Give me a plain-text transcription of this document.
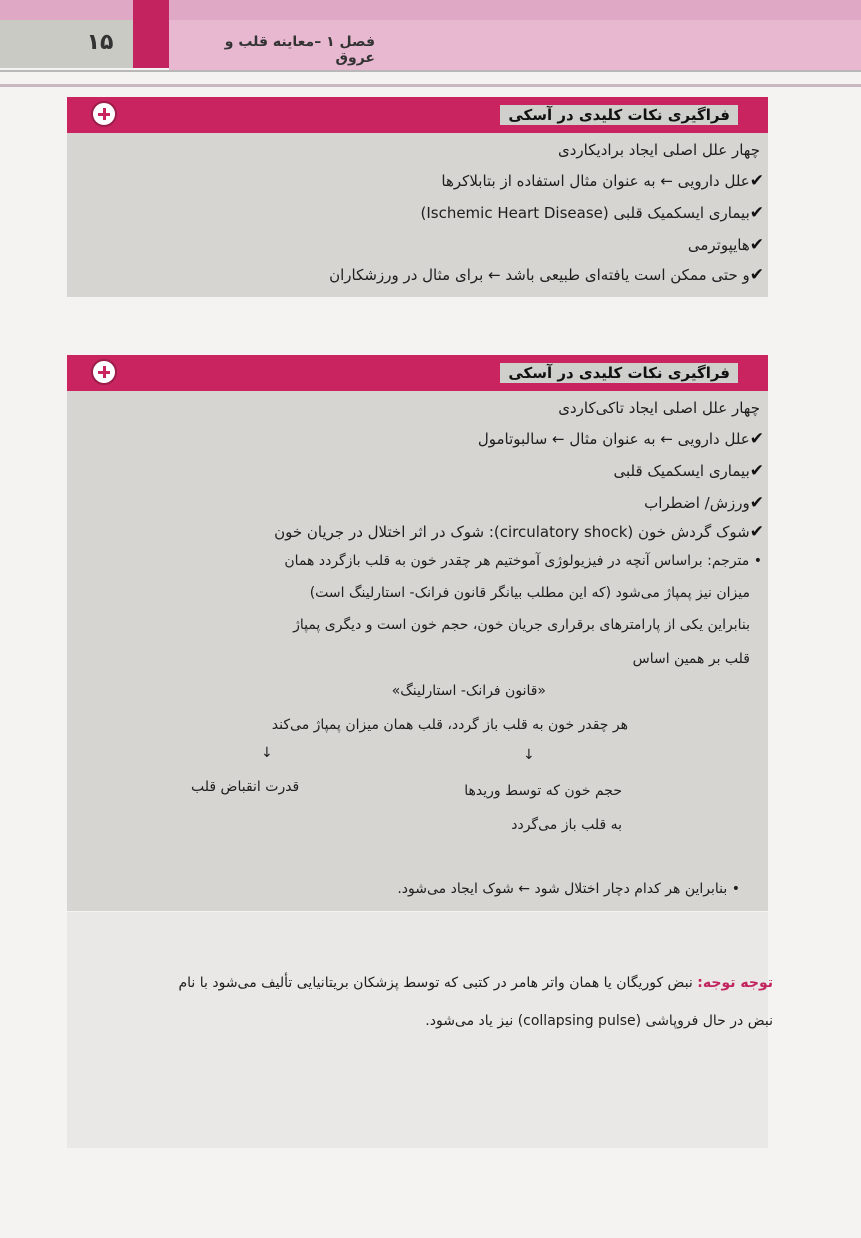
۱۵	فصل ۱ –معاینه قلب و عروق
فراگیری نکات کلیدی در آسکی
چهار علل اصلی ایجاد برادیکاردی
✔علل دارویی ← به عنوان مثال استفاده از بتابلاکرها
✔بیماری ایسکمیک قلبی (Ischemic Heart Disease)
✔هایپوترمی
✔و حتی ممکن است یافته‌ای طبیعی باشد ← برای مثال در ورزشکاران
فراگیری نکات کلیدی در آسکی
چهار علل اصلی ایجاد تاکی‌کاردی
✔علل دارویی ← به عنوان مثال ← سالبوتامول
✔بیماری ایسکمیک قلبی
✔ورزش/ اضطراب
✔شوک گردش خون (circulatory shock): شوک در اثر اختلال در جریان خون
• مترجم: براساس آنچه در فیزیولوژی آموختیم هر چقدر خون به قلب بازگردد همان
میزان نیز پمپاژ می‌شود (که این مطلب بیانگر قانون فرانک- استارلینگ است)
بنابراین یکی از پارامترهای برقراری جریان خون، حجم خون است و دیگری پمپاژ
قلب بر همین اساس
«قانون فرانک- استارلینگ»
هر چقدر خون به قلب باز گردد، قلب همان میزان پمپاژ می‌کند
↓	↓
قدرت انقباض قلب	حجم خون که توسط وریدها
به قلب باز می‌گردد
• بنابراین هر کدام دچار اختلال شود ← شوک ایجاد می‌شود.
توجه توجه: نبض کوریگان یا همان واتر هامر در کتبی که توسط پزشکان بریتانیایی تألیف می‌شود با نام
نبض در حال فروپاشی (collapsing pulse) نیز یاد می‌شود.
